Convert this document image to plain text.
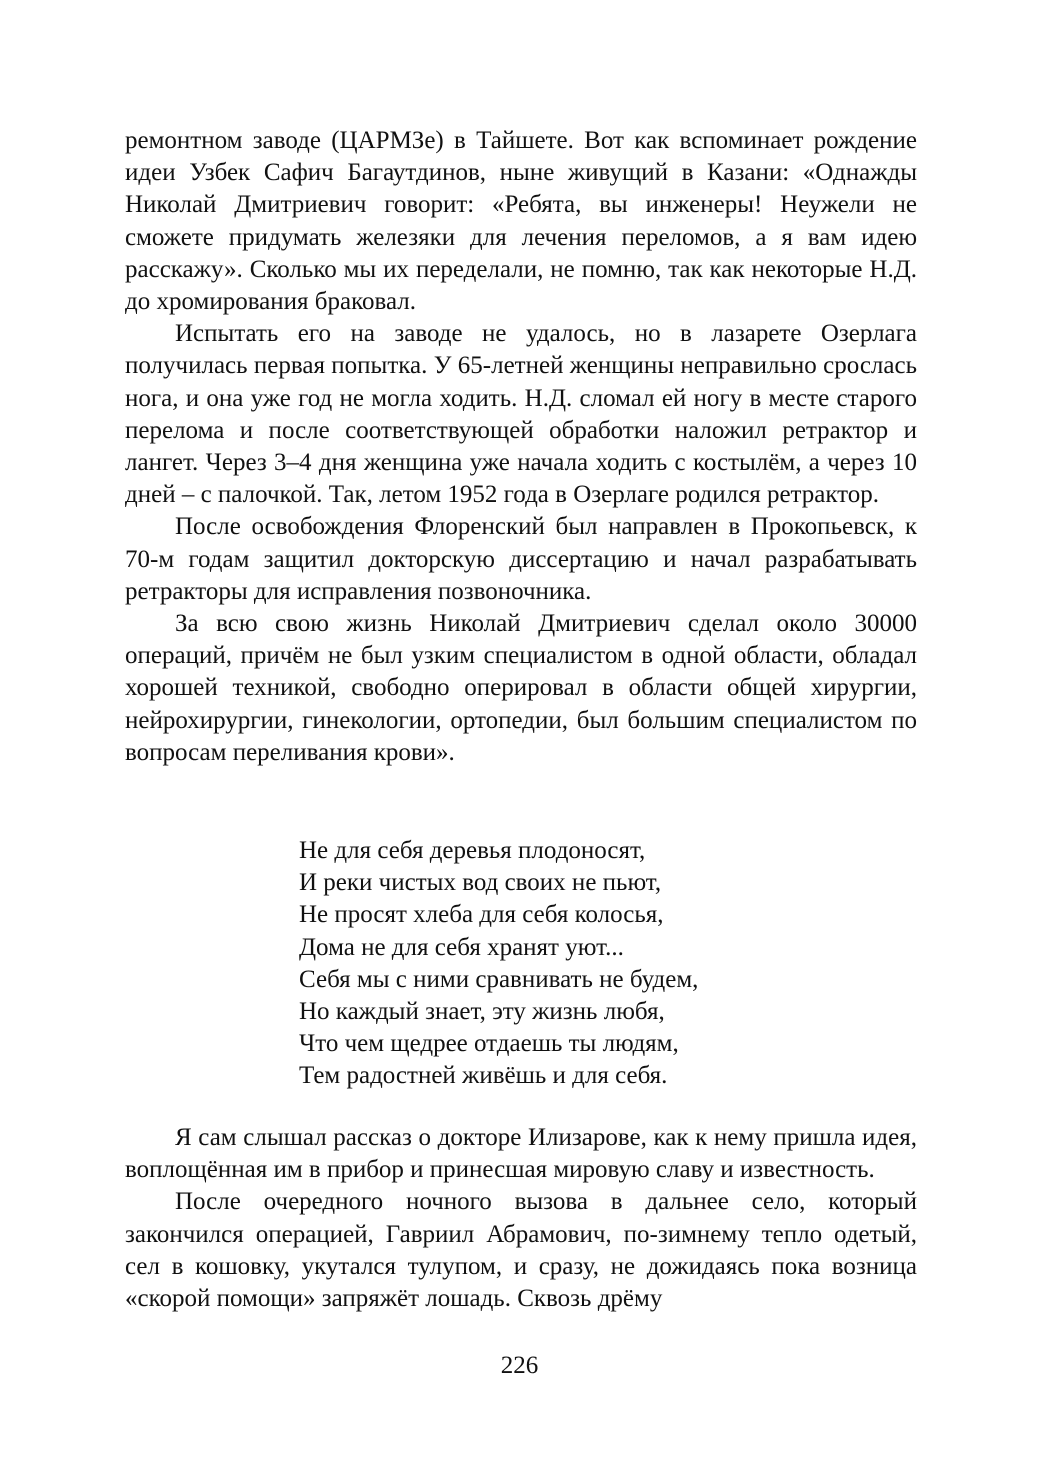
ремонтном заводе (ЦАРМЗе) в Тайшете. Вот как вспоминает рождение идеи Узбек Сафич Багаутдинов, ныне живущий в Казани: «Однажды Николай Дмитриевич говорит: «Ребята, вы инженеры! Неужели не сможете придумать железяки для лечения переломов, а я вам идею расскажу». Сколько мы их переделали, не помню, так как некоторые Н.Д. до хромирования браковал.

Испытать его на заводе не удалось, но в лазарете Озерлага получилась первая попытка. У 65-летней женщины неправильно срослась нога, и она уже год не могла ходить. Н.Д. сломал ей ногу в месте старого перелома и после соответствующей обработки наложил ретрактор и лангет. Через 3–4 дня женщина уже начала ходить с костылём, а через 10 дней – с палочкой. Так, летом 1952 года в Озерлаге родился ретрактор.

После освобождения Флоренский был направлен в Прокопьевск, к 70-м годам защитил докторскую диссертацию и начал разрабатывать ретракторы для исправления позвоночника.

За всю свою жизнь Николай Дмитриевич сделал около 30000 операций, причём не был узким специалистом в одной области, обладал хорошей техникой, свободно оперировал в области общей хирургии, нейрохирургии, гинекологии, ортопедии, был большим специалистом по вопросам переливания крови».

Не для себя деревья плодоносят,
И реки чистых вод своих не пьют,
Не просят хлеба для себя колосья,
Дома не для себя хранят уют...
Себя мы с ними сравнивать не будем,
Но каждый знает, эту жизнь любя,
Что чем щедрее отдаешь ты людям,
Тем радостней живёшь и для себя.

Я сам слышал рассказ о докторе Илизарове, как к нему пришла идея, воплощённая им в прибор и принесшая мировую славу и известность.

После очередного ночного вызова в дальнее село, который закончился операцией, Гавриил Абрамович, по-зимнему тепло одетый, сел в кошовку, укутался тулупом, и сразу, не дожидаясь пока возница «скорой помощи» запряжёт лошадь. Сквозь дрёму

226
